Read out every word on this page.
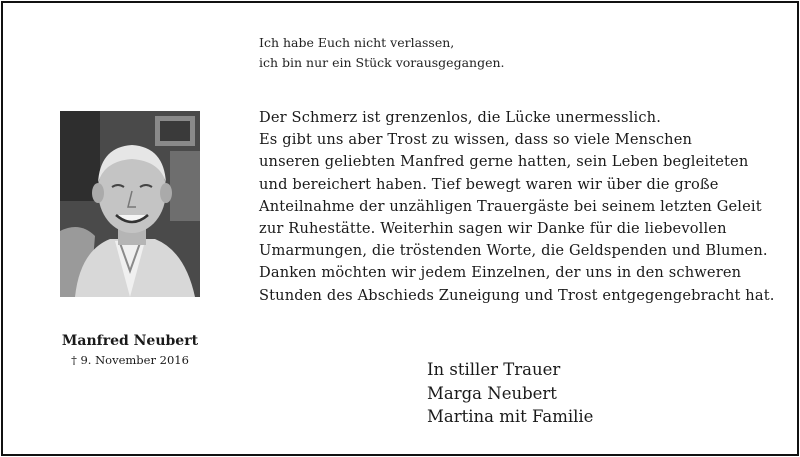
Ich habe Euch nicht verlassen,
ich bin nur ein Stück vorausgegangen.
Manfred Neubert
† 9. November 2016
Der Schmerz ist grenzenlos, die Lücke unermesslich.
Es gibt uns aber Trost zu wissen, dass so viele Menschen
unseren geliebten Manfred gerne hatten, sein Leben begleiteten
und bereichert haben. Tief bewegt waren wir über die große
Anteilnahme der unzähligen Trauergäste bei seinem letzten Geleit
zur Ruhestätte. Weiterhin sagen wir Danke für die liebevollen
Umarmungen, die tröstenden Worte, die Geldspenden und Blumen.
Danken möchten wir jedem Einzelnen, der uns in den schweren
Stunden des Abschieds Zuneigung und Trost entgegengebracht hat.
In stiller Trauer
Marga Neubert
Martina mit Familie
